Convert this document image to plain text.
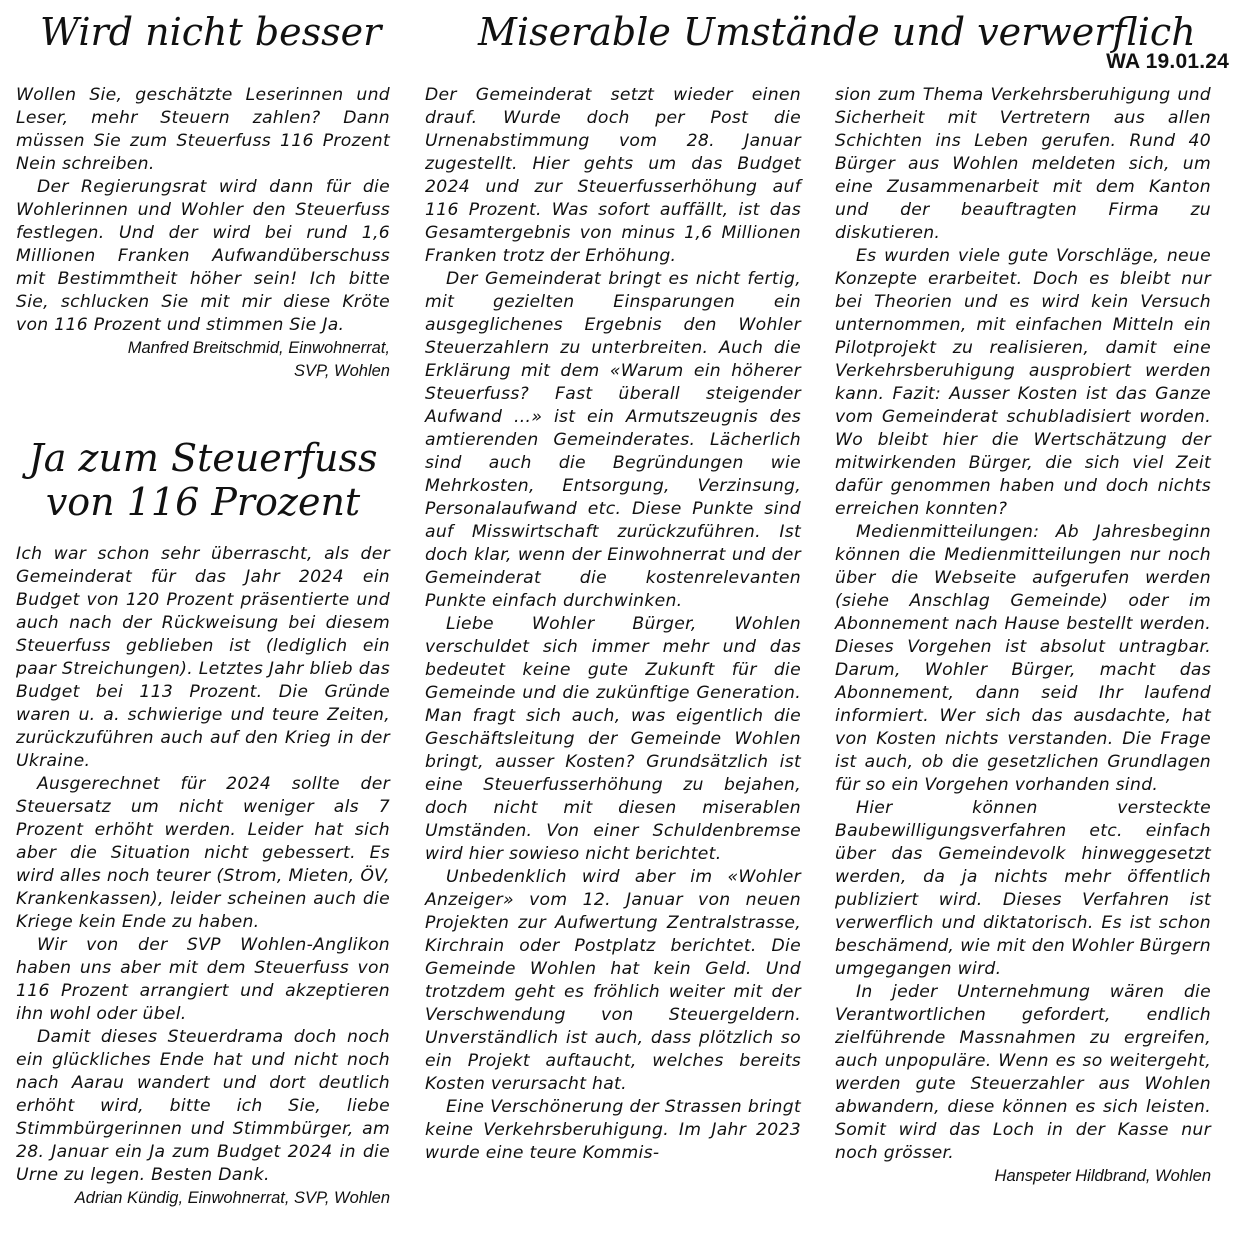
Wird nicht besser	Miserable Umstände und verwerflich
WA 19.01.24

Wollen Sie, geschätzte Leserinnen und Leser, mehr Steuern zahlen? Dann müssen Sie zum Steuerfuss 116 Prozent Nein schreiben.

Der Regierungsrat wird dann für die Wohlerinnen und Wohler den Steuerfuss festlegen. Und der wird bei rund 1,6 Millionen Franken Aufwandüberschuss mit Bestimmtheit höher sein! Ich bitte Sie, schlucken Sie mit mir diese Kröte von 116 Prozent und stimmen Sie Ja.

Manfred Breitschmid, Einwohnerrat,
SVP, Wohlen
Ja zum Steuerfuss von 116 Prozent

Ich war schon sehr überrascht, als der Gemeinderat für das Jahr 2024 ein Budget von 120 Prozent präsentierte und auch nach der Rückweisung bei diesem Steuerfuss geblieben ist (lediglich ein paar Streichungen). Letztes Jahr blieb das Budget bei 113 Prozent. Die Gründe waren u. a. schwierige und teure Zeiten, zurückzuführen auch auf den Krieg in der Ukraine.

Ausgerechnet für 2024 sollte der Steuersatz um nicht weniger als 7 Prozent erhöht werden. Leider hat sich aber die Situation nicht gebessert. Es wird alles noch teurer (Strom, Mieten, ÖV, Krankenkassen), leider scheinen auch die Kriege kein Ende zu haben.

Wir von der SVP Wohlen-Anglikon haben uns aber mit dem Steuerfuss von 116 Prozent arrangiert und akzeptieren ihn wohl oder übel.

Damit dieses Steuerdrama doch noch ein glückliches Ende hat und nicht noch nach Aarau wandert und dort deutlich erhöht wird, bitte ich Sie, liebe Stimmbürgerinnen und Stimmbürger, am 28. Januar ein Ja zum Budget 2024 in die Urne zu legen. Besten Dank.

Adrian Kündig, Einwohnerrat, SVP, Wohlen

Der Gemeinderat setzt wieder einen drauf. Wurde doch per Post die Urnenabstimmung vom 28. Januar zugestellt. Hier gehts um das Budget 2024 und zur Steuerfusserhöhung auf 116 Prozent. Was sofort auffällt, ist das Gesamtergebnis von minus 1,6 Millionen Franken trotz der Erhöhung.

Der Gemeinderat bringt es nicht fertig, mit gezielten Einsparungen ein ausgeglichenes Ergebnis den Wohler Steuerzahlern zu unterbreiten. Auch die Erklärung mit dem «Warum ein höherer Steuerfuss? Fast überall steigender Aufwand …» ist ein Armutszeugnis des amtierenden Gemeinderates. Lächerlich sind auch die Begründungen wie Mehrkosten, Entsorgung, Verzinsung, Personalaufwand etc. Diese Punkte sind auf Misswirtschaft zurückzuführen. Ist doch klar, wenn der Einwohnerrat und der Gemeinderat die kostenrelevanten Punkte einfach durchwinken.

Liebe Wohler Bürger, Wohlen verschuldet sich immer mehr und das bedeutet keine gute Zukunft für die Gemeinde und die zukünftige Generation. Man fragt sich auch, was eigentlich die Geschäftsleitung der Gemeinde Wohlen bringt, ausser Kosten? Grundsätzlich ist eine Steuerfusserhöhung zu bejahen, doch nicht mit diesen miserablen Umständen. Von einer Schuldenbremse wird hier sowieso nicht berichtet.

Unbedenklich wird aber im «Wohler Anzeiger» vom 12. Januar von neuen Projekten zur Aufwertung Zentralstrasse, Kirchrain oder Postplatz berichtet. Die Gemeinde Wohlen hat kein Geld. Und trotzdem geht es fröhlich weiter mit der Verschwendung von Steuergeldern. Unverständlich ist auch, dass plötzlich so ein Projekt auftaucht, welches bereits Kosten verursacht hat.

Eine Verschönerung der Strassen bringt keine Verkehrsberuhigung. Im Jahr 2023 wurde eine teure Kommis-

sion zum Thema Verkehrsberuhigung und Sicherheit mit Vertretern aus allen Schichten ins Leben gerufen. Rund 40 Bürger aus Wohlen meldeten sich, um eine Zusammenarbeit mit dem Kanton und der beauftragten Firma zu diskutieren.

Es wurden viele gute Vorschläge, neue Konzepte erarbeitet. Doch es bleibt nur bei Theorien und es wird kein Versuch unternommen, mit einfachen Mitteln ein Pilotprojekt zu realisieren, damit eine Verkehrsberuhigung ausprobiert werden kann. Fazit: Ausser Kosten ist das Ganze vom Gemeinderat schubladisiert worden. Wo bleibt hier die Wertschätzung der mitwirkenden Bürger, die sich viel Zeit dafür genommen haben und doch nichts erreichen konnten?

Medienmitteilungen: Ab Jahresbeginn können die Medienmitteilungen nur noch über die Webseite aufgerufen werden (siehe Anschlag Gemeinde) oder im Abonnement nach Hause bestellt werden. Dieses Vorgehen ist absolut untragbar. Darum, Wohler Bürger, macht das Abonnement, dann seid Ihr laufend informiert. Wer sich das ausdachte, hat von Kosten nichts verstanden. Die Frage ist auch, ob die gesetzlichen Grundlagen für so ein Vorgehen vorhanden sind.

Hier können versteckte Baubewilligungsverfahren etc. einfach über das Gemeindevolk hinweggesetzt werden, da ja nichts mehr öffentlich publiziert wird. Dieses Verfahren ist verwerflich und diktatorisch. Es ist schon beschämend, wie mit den Wohler Bürgern umgegangen wird.

In jeder Unternehmung wären die Verantwortlichen gefordert, endlich zielführende Massnahmen zu ergreifen, auch unpopuläre. Wenn es so weitergeht, werden gute Steuerzahler aus Wohlen abwandern, diese können es sich leisten. Somit wird das Loch in der Kasse nur noch grösser.

Hanspeter Hildbrand, Wohlen
